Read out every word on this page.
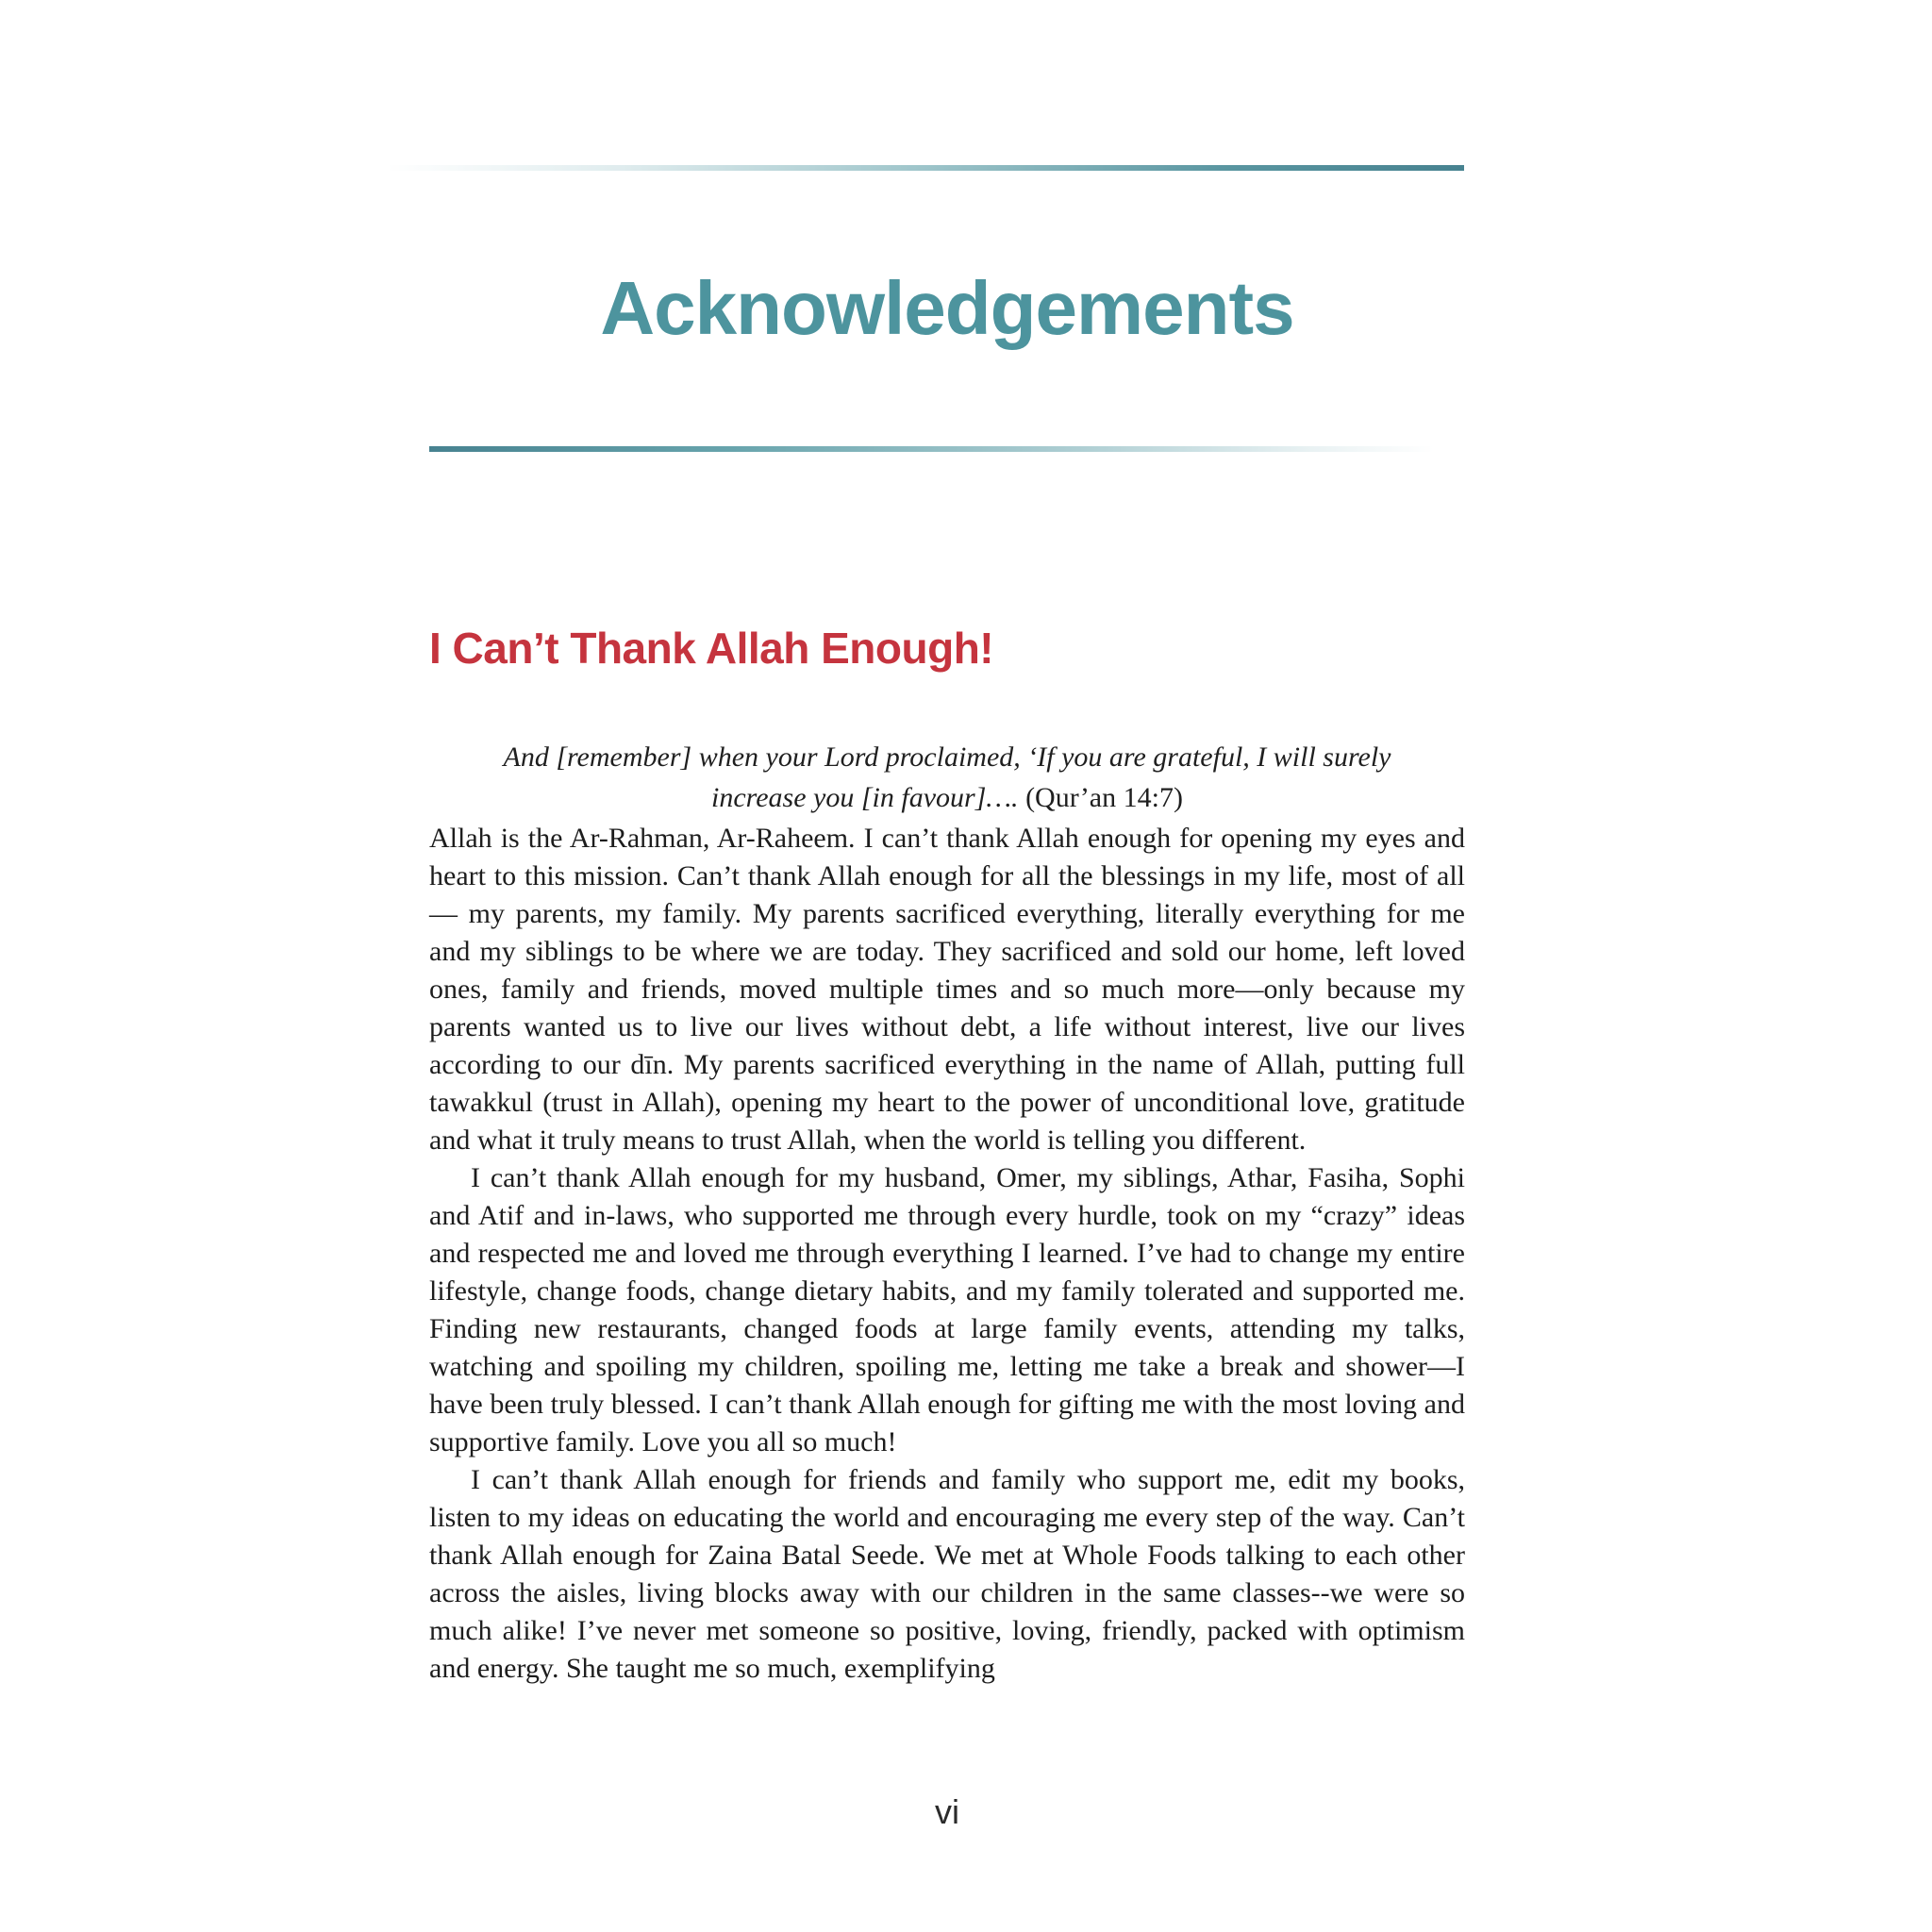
Acknowledgements
I Can’t Thank Allah Enough!
And [remember] when your Lord proclaimed, ‘If you are grateful, I will surely
increase you [in favour]…. (Qur’an 14:7)

Allah is the Ar-Rahman, Ar-Raheem. I can’t thank Allah enough for opening my eyes and heart to this mission. Can’t thank Allah enough for all the blessings in my life, most of all— my parents, my family. My parents sacrificed everything, literally everything for me and my siblings to be where we are today. They sacrificed and sold our home, left loved ones, family and friends, moved multiple times and so much more—only because my parents wanted us to live our lives without debt, a life without interest, live our lives according to our dīn. My parents sacrificed everything in the name of Allah, putting full tawakkul (trust in Allah), opening my heart to the power of unconditional love, gratitude and what it truly means to trust Allah, when the world is telling you different.

I can’t thank Allah enough for my husband, Omer, my siblings, Athar, Fasiha, Sophi and Atif and in-laws, who supported me through every hurdle, took on my “crazy” ideas and respected me and loved me through everything I learned. I’ve had to change my entire lifestyle, change foods, change dietary habits, and my family tolerated and supported me. Finding new restaurants, changed foods at large family events, attending my talks, watching and spoiling my children, spoiling me, letting me take a break and shower—I have been truly blessed. I can’t thank Allah enough for gifting me with the most loving and supportive family. Love you all so much!

I can’t thank Allah enough for friends and family who support me, edit my books, listen to my ideas on educating the world and encouraging me every step of the way. Can’t thank Allah enough for Zaina Batal Seede. We met at Whole Foods talking to each other across the aisles, living blocks away with our children in the same classes--we were so much alike! I’ve never met someone so positive, loving, friendly, packed with optimism and energy. She taught me so much, exemplifying

vi
